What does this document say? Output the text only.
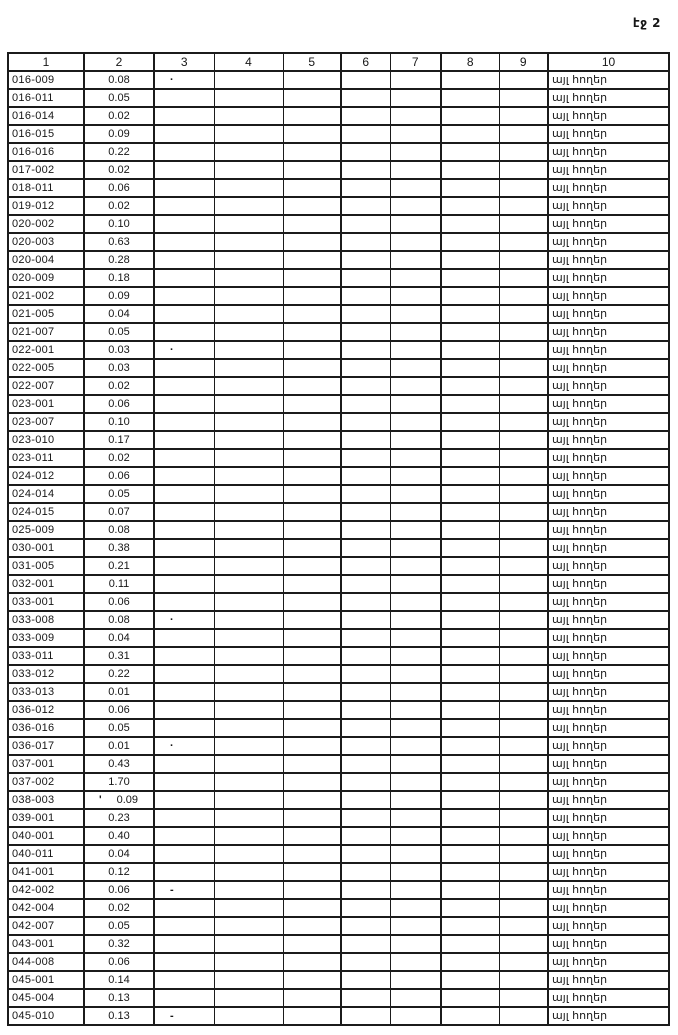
էջ 2
1	2	3	4	5	6	7	8	9	10
016-009	0.08	·							այլ հողեր
016-011	0.05								այլ հողեր
016-014	0.02								այլ հողեր
016-015	0.09								այլ հողեր
016-016	0.22								այլ հողեր
017-002	0.02								այլ հողեր
018-011	0.06								այլ հողեր
019-012	0.02								այլ հողեր
020-002	0.10								այլ հողեր
020-003	0.63								այլ հողեր
020-004	0.28								այլ հողեր
020-009	0.18								այլ հողեր
021-002	0.09								այլ հողեր
021-005	0.04								այլ հողեր
021-007	0.05								այլ հողեր
022-001	0.03	·							այլ հողեր
022-005	0.03								այլ հողեր
022-007	0.02								այլ հողեր
023-001	0.06								այլ հողեր
023-007	0.10								այլ հողեր
023-010	0.17								այլ հողեր
023-011	0.02								այլ հողեր
024-012	0.06								այլ հողեր
024-014	0.05								այլ հողեր
024-015	0.07								այլ հողեր
025-009	0.08								այլ հողեր
030-001	0.38								այլ հողեր
031-005	0.21								այլ հողեր
032-001	0.11								այլ հողեր
033-001	0.06								այլ հողեր
033-008	0.08	·							այլ հողեր
033-009	0.04								այլ հողեր
033-011	0.31								այլ հողեր
033-012	0.22								այլ հողեր
033-013	0.01								այլ հողեր
036-012	0.06								այլ հողեր
036-016	0.05								այլ հողեր
036-017	0.01	·							այլ հողեր
037-001	0.43								այլ հողեր
037-002	1.70								այլ հողեր
038-003	' 0.09								այլ հողեր
039-001	0.23								այլ հողեր
040-001	0.40								այլ հողեր
040-011	0.04								այլ հողեր
041-001	0.12								այլ հողեր
042-002	0.06	-							այլ հողեր
042-004	0.02								այլ հողեր
042-007	0.05								այլ հողեր
043-001	0.32								այլ հողեր
044-008	0.06								այլ հողեր
045-001	0.14								այլ հողեր
045-004	0.13								այլ հողեր
045-010	0.13	-							այլ հողեր
